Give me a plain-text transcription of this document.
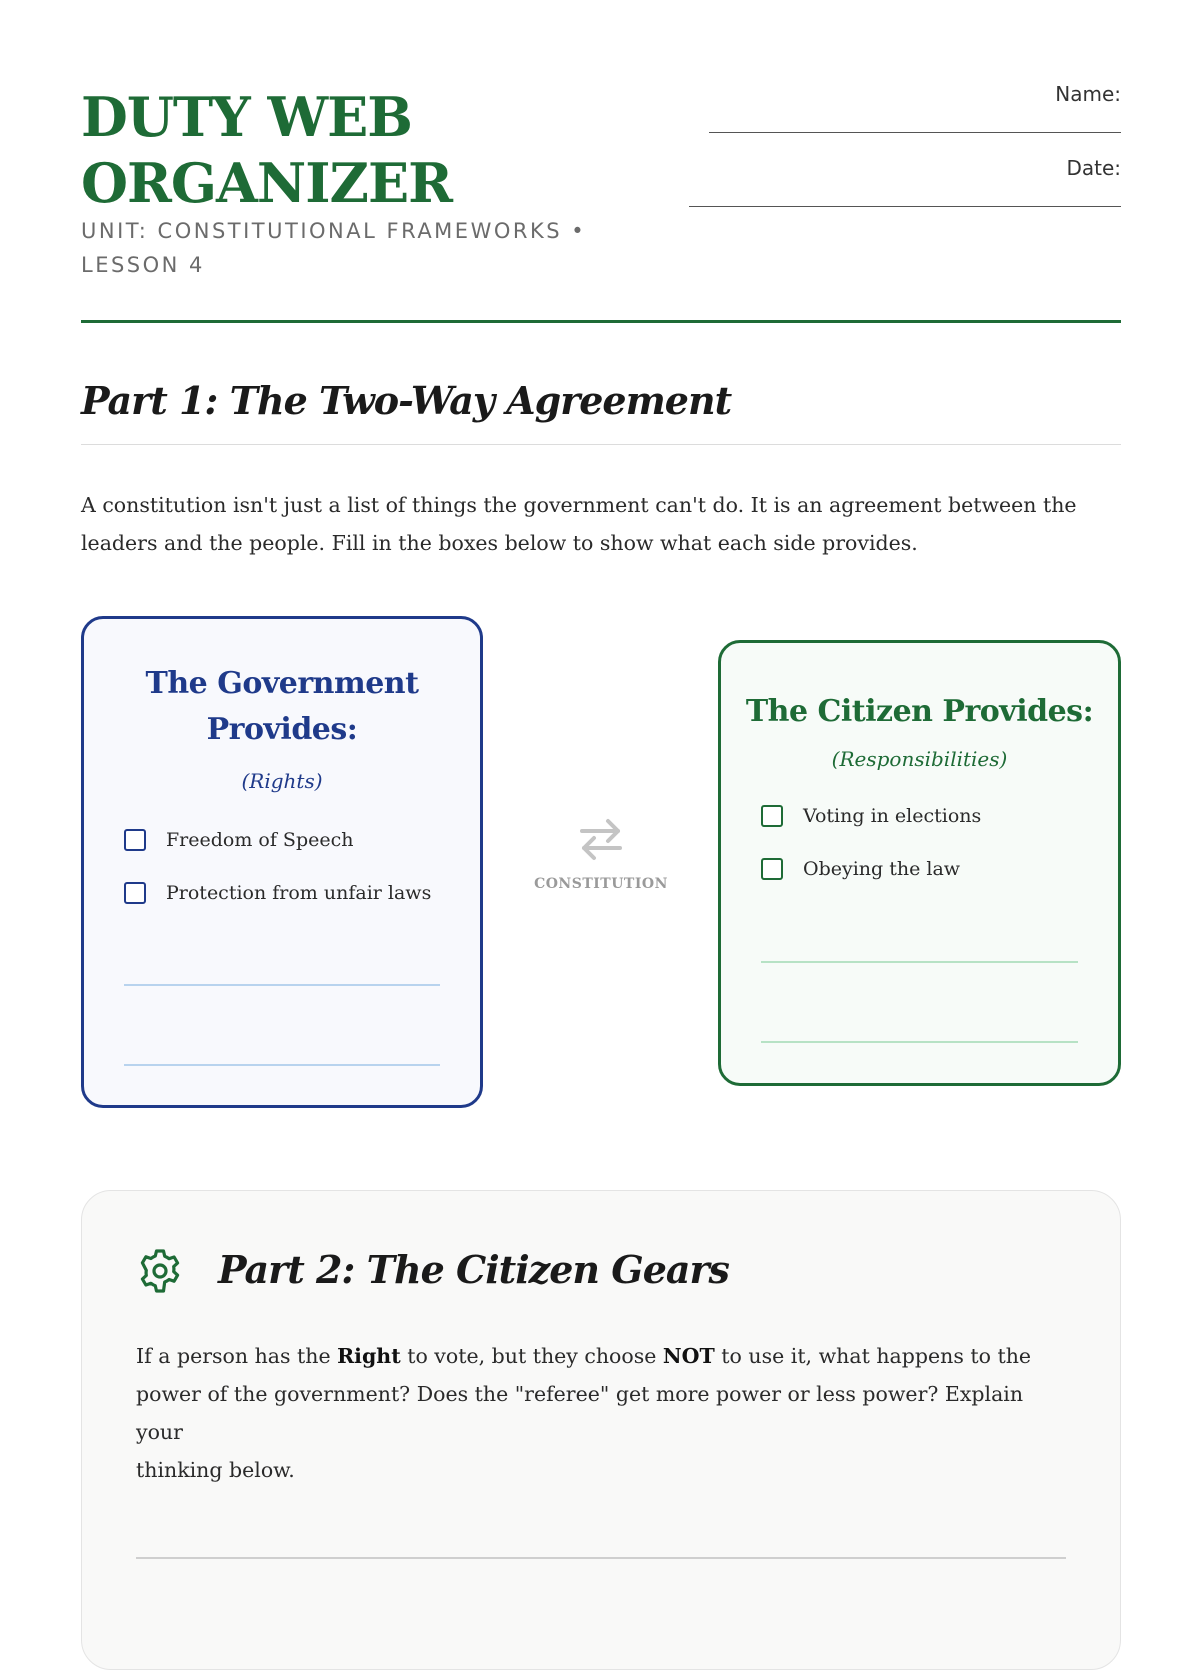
DUTY WEB
ORGANIZER
UNIT: CONSTITUTIONAL FRAMEWORKS •
LESSON 4
Name:
Date:
Part 1: The Two-Way Agreement

A constitution isn't just a list of things the government can't do. It is an agreement between the
leaders and the people. Fill in the boxes below to show what each side provides.

The Government
Provides:
(Rights)
Freedom of Speech
Protection from unfair laws	CONSTITUTION
The Citizen Provides:
(Responsibilities)
Voting in elections
Obeying the law
Part 2: The Citizen Gears

If a person has the Right to vote, but they choose NOT to use it, what happens to the
power of the government? Does the "referee" get more power or less power? Explain your
thinking below.
